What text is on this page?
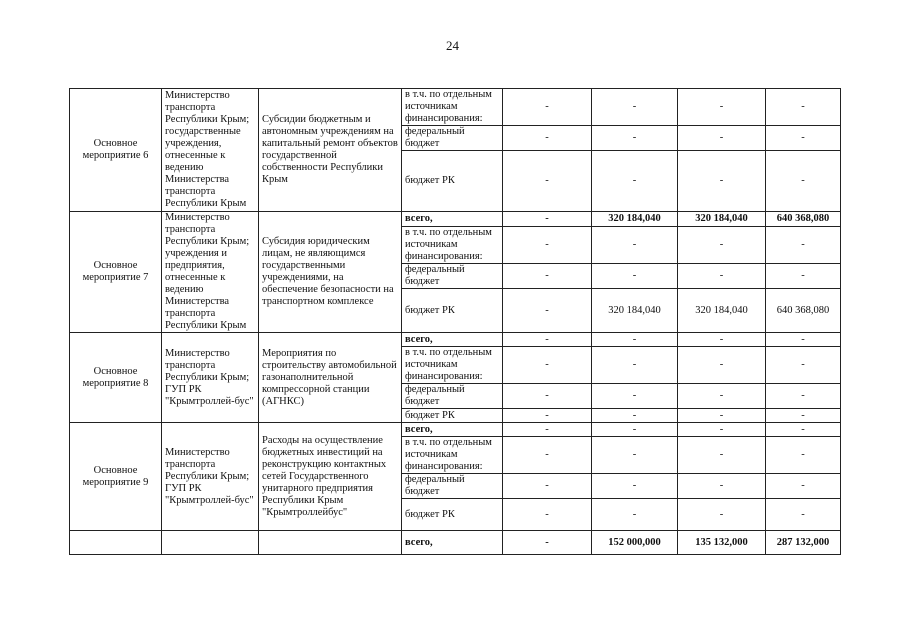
24
Основное мероприятие 6	Министерство транспорта Республики Крым; государственные учреждения, отнесенные к ведению Министерства транспорта Республики Крым	Субсидии бюджетным и автономным учреждениям на капитальный ремонт объектов государственной собственности Республики Крым	в т.ч. по отдельным источникам финансирования:	-	-	-	-
			федеральный бюджет	-	-	-	-
			бюджет РК	-	-	-	-
Основное мероприятие 7	Министерство транспорта Республики Крым; учреждения и предприятия, отнесенные к ведению Министерства транспорта Республики Крым	Субсидия юридическим лицам, не являющимся государственными учреждениями, на обеспечение безопасности на транспортном комплексе	всего,	-	320 184,040	320 184,040	640 368,080
			в т.ч. по отдельным источникам финансирования:	-	-	-	-
			федеральный бюджет	-	-	-	-
			бюджет РК	-	320 184,040	320 184,040	640 368,080
Основное мероприятие 8	Министерство транспорта Республики Крым; ГУП РК "Крымтроллей-бус"	Мероприятия по строительству автомобильной газонаполнительной компрессорной станции (АГНКС)	всего,	-	-	-	-
			в т.ч. по отдельным источникам финансирования:	-	-	-	-
			федеральный бюджет	-	-	-	-
			бюджет РК	-	-	-	-
Основное мероприятие 9	Министерство транспорта Республики Крым; ГУП РК "Крымтроллей-бус"	Расходы на осуществление бюджетных инвестиций на реконструкцию контактных сетей Государственного унитарного предприятия Республики Крым "Крымтроллейбус"	всего,	-	-	-	-
			в т.ч. по отдельным источникам финансирования:	-	-	-	-
			федеральный бюджет	-	-	-	-
			бюджет РК	-	-	-	-
			всего,	-	152 000,000	135 132,000	287 132,000
